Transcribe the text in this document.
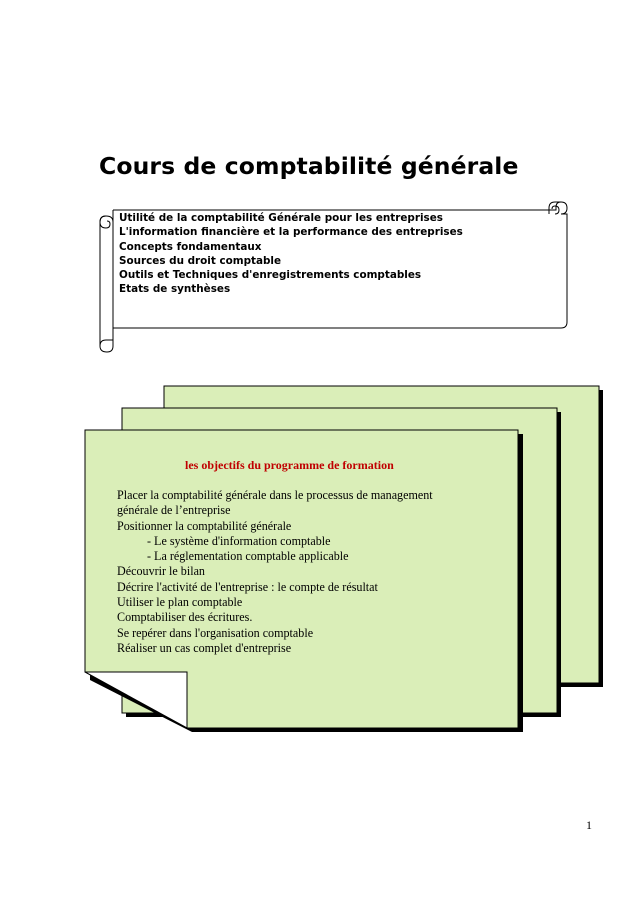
Cours de comptabilité générale
Utilité de la comptabilité Générale pour les entreprises
L'information financière et la performance des entreprises
Concepts fondamentaux
Sources du droit comptable
Outils et Techniques d'enregistrements comptables
Etats de synthèses
les objectifs du programme de formation
Placer la comptabilité générale dans le processus de management
générale de l’entreprise
Positionner la comptabilité générale
- Le système d'information comptable
- La réglementation comptable applicable
Découvrir le bilan
Décrire l'activité de l'entreprise : le compte de résultat
Utiliser le plan comptable
Comptabiliser des écritures.
Se repérer dans l'organisation comptable
Réaliser un cas complet d'entreprise
1
